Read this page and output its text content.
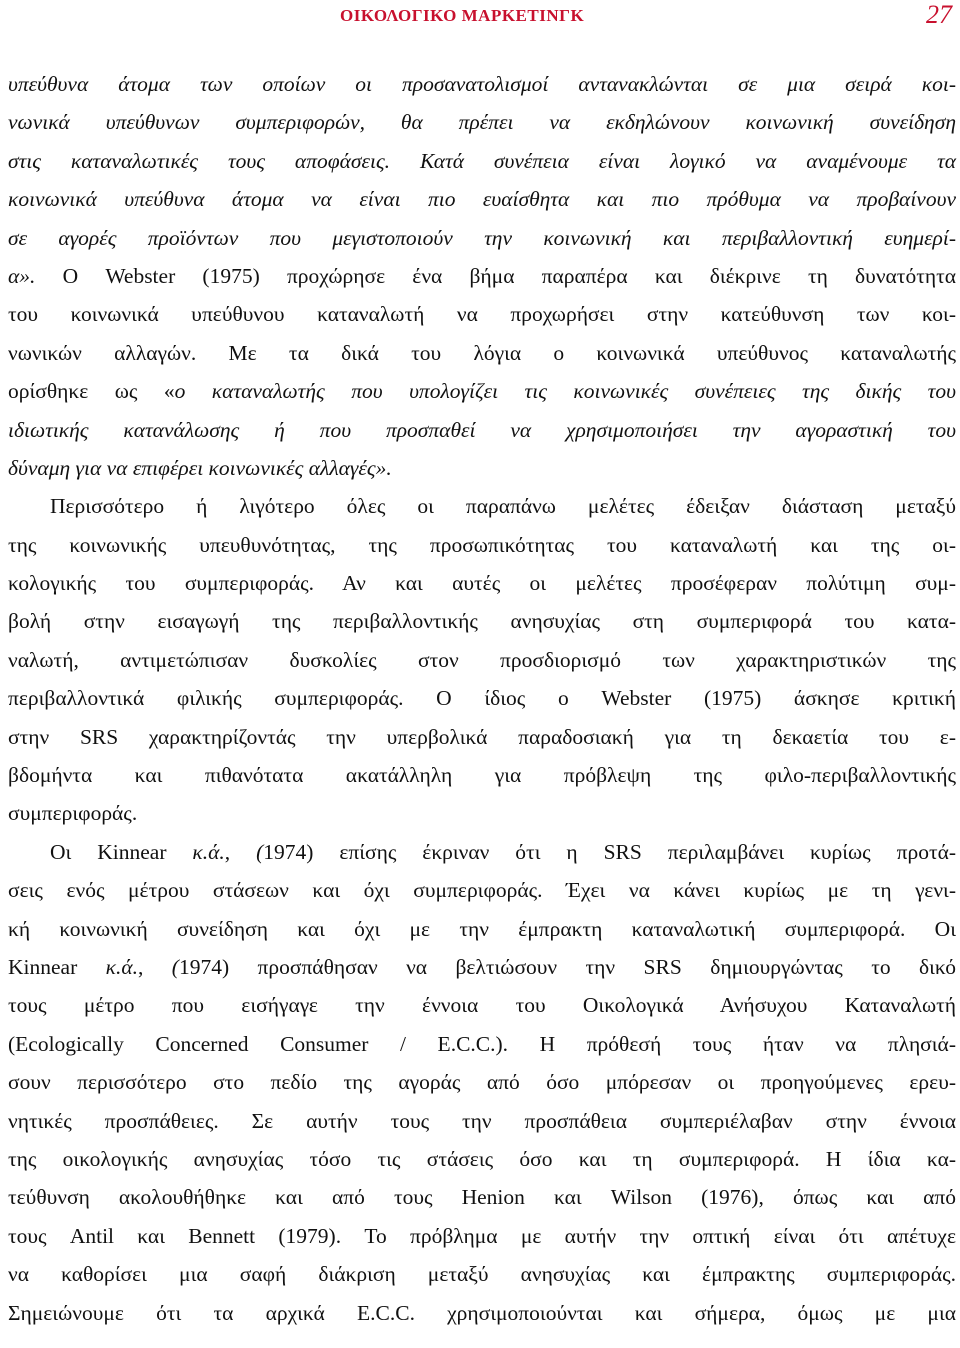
ΟΙΚΟΛΟΓΙΚΟ ΜΑΡΚΕΤΙΝΓΚ	27
υπεύθυνα άτομα των οποίων οι προσανατολισμοί αντανακλώνται σε μια σειρά κοι-
νωνικά υπεύθυνων συμπεριφορών, θα πρέπει να εκδηλώνουν κοινωνική συνείδηση
στις καταναλωτικές τους αποφάσεις. Κατά συνέπεια είναι λογικό να αναμένουμε τα
κοινωνικά υπεύθυνα άτομα να είναι πιο ευαίσθητα και πιο πρόθυμα να προβαίνουν
σε αγορές προϊόντων που μεγιστοποιούν την κοινωνική και περιβαλλοντική ευημερί-
α». Ο Webster (1975) προχώρησε ένα βήμα παραπέρα και διέκρινε τη δυνατότητα
του κοινωνικά υπεύθυνου καταναλωτή να προχωρήσει στην κατεύθυνση των κοι-
νωνικών αλλαγών. Με τα δικά του λόγια ο κοινωνικά υπεύθυνος καταναλωτής
ορίσθηκε ως «ο καταναλωτής που υπολογίζει τις κοινωνικές συνέπειες της δικής του
ιδιωτικής κατανάλωσης ή που προσπαθεί να χρησιμοποιήσει την αγοραστική του
δύναμη για να επιφέρει κοινωνικές αλλαγές».
Περισσότερο ή λιγότερο όλες οι παραπάνω μελέτες έδειξαν διάσταση μεταξύ
της κοινωνικής υπευθυνότητας, της προσωπικότητας του καταναλωτή και της οι-
κολογικής του συμπεριφοράς. Αν και αυτές οι μελέτες προσέφεραν πολύτιμη συμ-
βολή στην εισαγωγή της περιβαλλοντικής ανησυχίας στη συμπεριφορά του κατα-
ναλωτή, αντιμετώπισαν δυσκολίες στον προσδιορισμό των χαρακτηριστικών της
περιβαλλοντικά φιλικής συμπεριφοράς. Ο ίδιος ο Webster (1975) άσκησε κριτική
στην SRS χαρακτηρίζοντάς την υπερβολικά παραδοσιακή για τη δεκαετία του ε-
βδομήντα και πιθανότατα ακατάλληλη για πρόβλεψη της φιλο-περιβαλλοντικής
συμπεριφοράς.
Οι Kinnear κ.ά., (1974) επίσης έκριναν ότι η SRS περιλαμβάνει κυρίως προτά-
σεις ενός μέτρου στάσεων και όχι συμπεριφοράς. Έχει να κάνει κυρίως με τη γενι-
κή κοινωνική συνείδηση και όχι με την έμπρακτη καταναλωτική συμπεριφορά. Οι
Kinnear κ.ά., (1974) προσπάθησαν να βελτιώσουν την SRS δημιουργώντας το δικό
τους μέτρο που εισήγαγε την έννοια του Οικολογικά Ανήσυχου Καταναλωτή
(Ecologically Concerned Consumer / E.C.C.). Η πρόθεσή τους ήταν να πλησιά-
σουν περισσότερο στο πεδίο της αγοράς από όσο μπόρεσαν οι προηγούμενες ερευ-
νητικές προσπάθειες. Σε αυτήν τους την προσπάθεια συμπεριέλαβαν στην έννοια
της οικολογικής ανησυχίας τόσο τις στάσεις όσο και τη συμπεριφορά. Η ίδια κα-
τεύθυνση ακολουθήθηκε και από τους Henion και Wilson (1976), όπως και από
τους Antil και Bennett (1979). Το πρόβλημα με αυτήν την οπτική είναι ότι απέτυχε
να καθορίσει μια σαφή διάκριση μεταξύ ανησυχίας και έμπρακτης συμπεριφοράς.
Σημειώνουμε ότι τα αρχικά E.C.C. χρησιμοποιούνται και σήμερα, όμως με μια
